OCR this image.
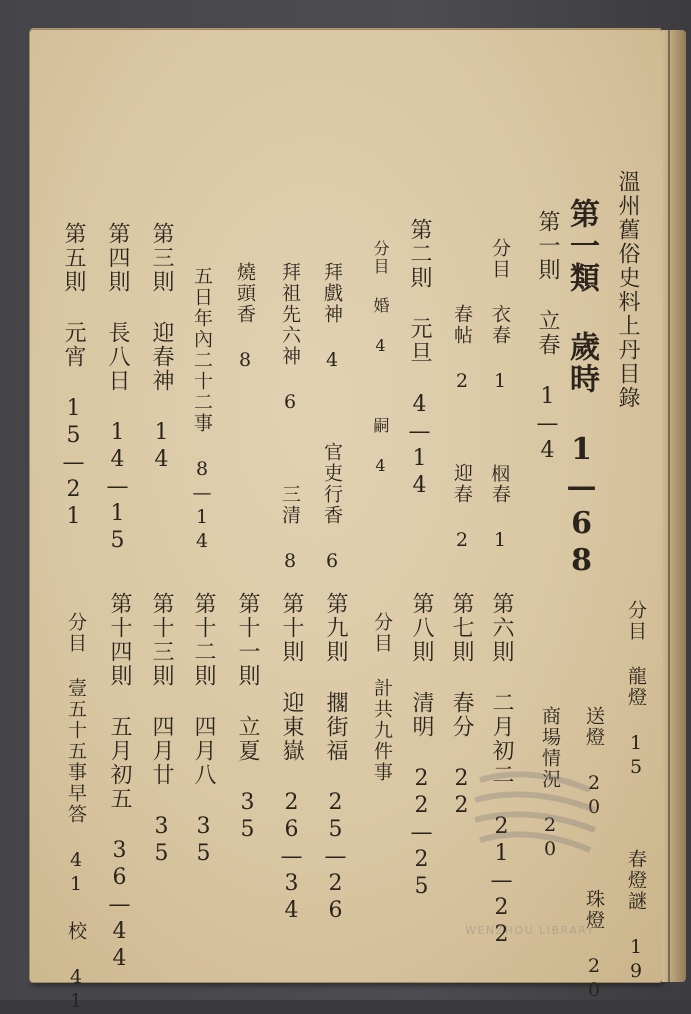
溫州舊俗史料上丹目錄
第一類 歲時 1—68
第一則 立春 1—4
分目 衣春 1 　 𣐏春 1
　　 春帖 2 　 迎春 2
第二則 元旦 4—14
分目 婚 4 　 嗣 4
拜戲神 4 　 官吏行香 6
拜祖先六神 6 　 三清 8
燒頭香 8
五日年內二十二事 8—14
第三則 迎春神 14
第四則 長八日 14—15
第五則 元宵 15—21
分目 龍燈 15 　 春燈謎 19
　　 送燈 20 　 珠燈 20
　　 商場情況 20
第六則 二月初二 21—22
第七則 春分 22
第八則 清明 22—25
分目 計共九件事
第九則 擱街福 25—26
第十則 迎東嶽 26—34
第十一則 立夏 35
第十二則 四月八 35
第十三則 四月廿 35
第十四則 五月初五 36—44
分目 壹五十五事早答 41 校 41	WENZHOU LIBRARY
